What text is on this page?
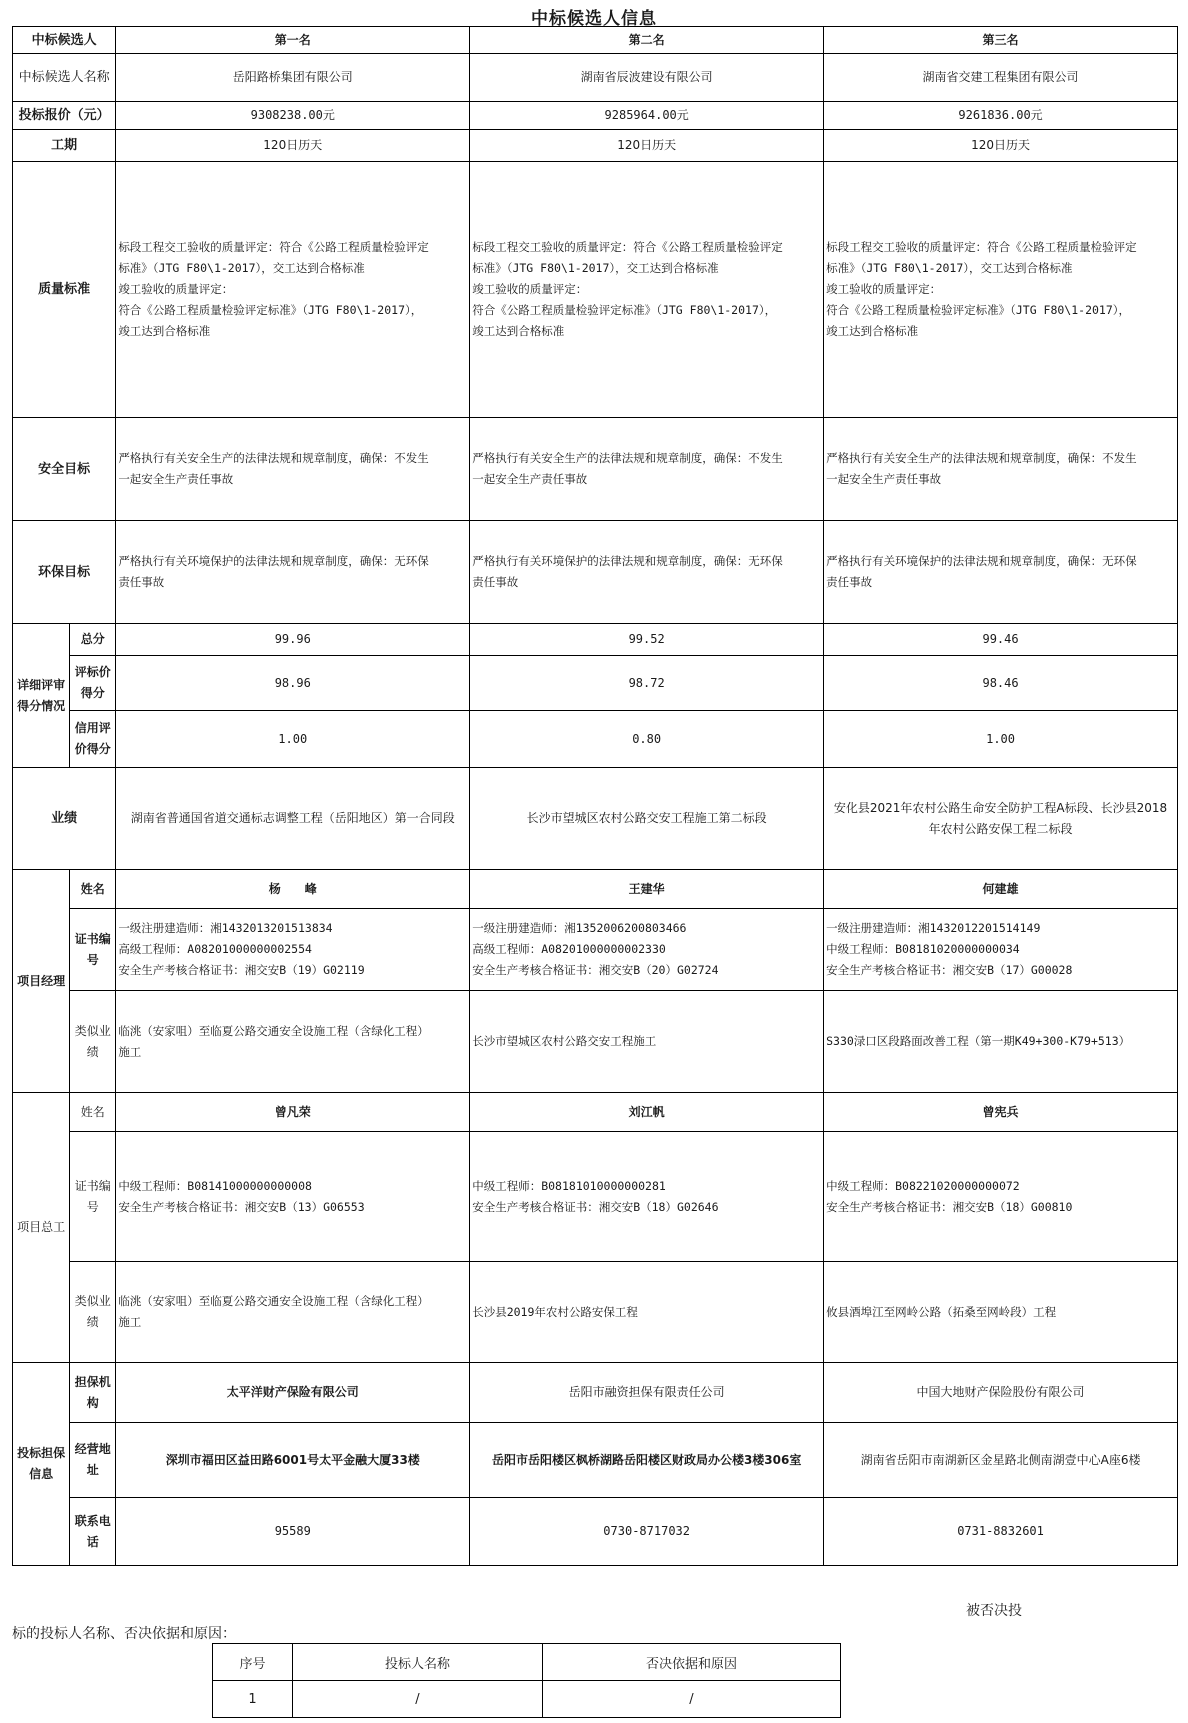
中标候选人信息
中标候选人		第一名	第二名	第三名
中标候选人名称		岳阳路桥集团有限公司	湖南省辰波建设有限公司	湖南省交建工程集团有限公司
投标报价（元）		9308238.00元	9285964.00元	9261836.00元
工期		120日历天	120日历天	120日历天
质量标准		标段工程交工验收的质量评定：符合《公路工程质量检验评定
标准》（JTG F80\1-2017），交工达到合格标准
竣工验收的质量评定：
符合《公路工程质量检验评定标准》（JTG F80\1-2017），
竣工达到合格标准	标段工程交工验收的质量评定：符合《公路工程质量检验评定
标准》（JTG F80\1-2017），交工达到合格标准
竣工验收的质量评定：
符合《公路工程质量检验评定标准》（JTG F80\1-2017），
竣工达到合格标准	标段工程交工验收的质量评定：符合《公路工程质量检验评定
标准》（JTG F80\1-2017），交工达到合格标准
竣工验收的质量评定：
符合《公路工程质量检验评定标准》（JTG F80\1-2017），
竣工达到合格标准

安全目标		严格执行有关安全生产的法律法规和规章制度，确保：不发生
一起安全生产责任事故	严格执行有关安全生产的法律法规和规章制度，确保：不发生
一起安全生产责任事故	严格执行有关安全生产的法律法规和规章制度，确保：不发生
一起安全生产责任事故

环保目标		严格执行有关环境保护的法律法规和规章制度，确保：无环保
责任事故	严格执行有关环境保护的法律法规和规章制度，确保：无环保
责任事故	严格执行有关环境保护的法律法规和规章制度，确保：无环保
责任事故

详细评审得分情况	总分	99.96	99.52	99.46
	评标价得分	98.96	98.72	98.46
	信用评价得分	1.00	0.80	1.00
业绩		湖南省普通国省道交通标志调整工程（岳阳地区）第一合同段	长沙市望城区农村公路交安工程施工第二标段	安化县2021年农村公路生命安全防护工程A标段、长沙县2018
年农村公路安保工程二标段

项目经理	姓名	杨　　峰	王建华	何建雄
	证书编号	一级注册建造师：湘1432013201513834
高级工程师：A08201000000002554
安全生产考核合格证书：湘交安B（19）G02119	一级注册建造师：湘1352006200803466
高级工程师：A08201000000002330
安全生产考核合格证书：湘交安B（20）G02724	一级注册建造师：湘1432012201514149
中级工程师：B08181020000000034
安全生产考核合格证书：湘交安B（17）G00028

	类似业绩	临洮（安家咀）至临夏公路交通安全设施工程（含绿化工程）
施工	长沙市望城区农村公路交安工程施工	S330渌口区段路面改善工程（第一期K49+300-K79+513）

项目总工	姓名	曾凡荣	刘江帆	曾宪兵
	证书编号	中级工程师：B08141000000000008
安全生产考核合格证书：湘交安B（13）G06553	中级工程师：B08181010000000281
安全生产考核合格证书：湘交安B（18）G02646	中级工程师：B08221020000000072
安全生产考核合格证书：湘交安B（18）G00810

	类似业绩	临洮（安家咀）至临夏公路交通安全设施工程（含绿化工程）
施工	长沙县2019年农村公路安保工程	攸县酒埠江至网岭公路（拓桑至网岭段）工程

投标担保信息	担保机构	太平洋财产保险有限公司	岳阳市融资担保有限责任公司	中国大地财产保险股份有限公司
	经营地址	深圳市福田区益田路6001号太平金融大厦33楼	岳阳市岳阳楼区枫桥湖路岳阳楼区财政局办公楼3楼306室	湖南省岳阳市南湖新区金星路北侧南湖壹中心A座6楼
	联系电话	95589	0730-8717032	0731-8832601
被否决投
标的投标人名称、否决依据和原因：
序号	投标人名称	否决依据和原因
1	/	/
